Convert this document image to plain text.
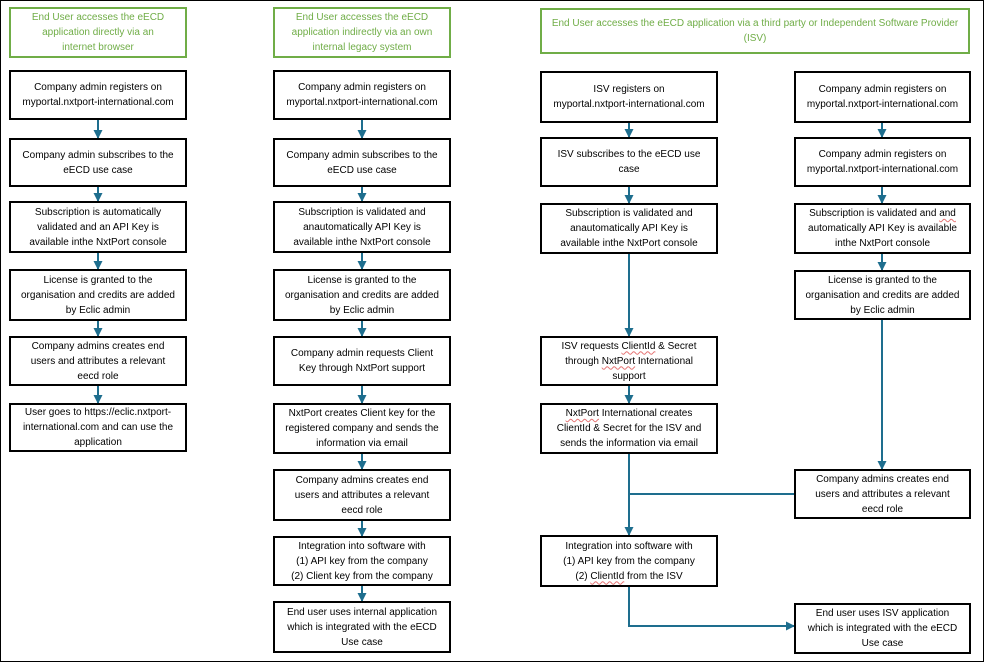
End User accesses the eECD
application directly via an
internet browser
End User accesses the eECD
application indirectly via an own
internal legacy system
End User accesses the eECD application via a third party or Independent Software Provider
(ISV)
Company admin registers on
myportal.nxtport-international.com
Company admin subscribes to the
eECD use case
Subscription is automatically
validated and an API Key is
available inthe NxtPort console
License is granted to the
organisation and credits are added
by Eclic admin
Company admins creates end
users and attributes a relevant
eecd role
User goes to https://eclic.nxtport-
international.com and can use the
application
Company admin registers on
myportal.nxtport-international.com
Company admin subscribes to the
eECD use case
Subscription is validated and
anautomatically API Key is
available inthe NxtPort console
License is granted to the
organisation and credits are added
by Eclic admin
Company admin requests Client
Key through NxtPort support
NxtPort creates Client key for the
registered company and sends the
information via email
Company admins creates end
users and attributes a relevant
eecd role
Integration into software with
(1) API key from the company
(2) Client key from the company
End user uses internal application
which is integrated with the eECD
Use case
ISV registers on
myportal.nxtport-international.com
ISV subscribes to the eECD use
case
Subscription is validated and
anautomatically API Key is
available inthe NxtPort console
ISV requests ClientId & Secret
through NxtPort International
support
NxtPort International creates
ClientId & Secret for the ISV and
sends the information via email
Integration into software with
(1) API key from the company
(2) ClientId from the ISV
Company admin registers on
myportal.nxtport-international.com
Company admin registers on
myportal.nxtport-international.com
Subscription is validated and and
automatically API Key is available
inthe NxtPort console
License is granted to the
organisation and credits are added
by Eclic admin
Company admins creates end
users and attributes a relevant
eecd role
End user uses ISV application
which is integrated with the eECD
Use case
